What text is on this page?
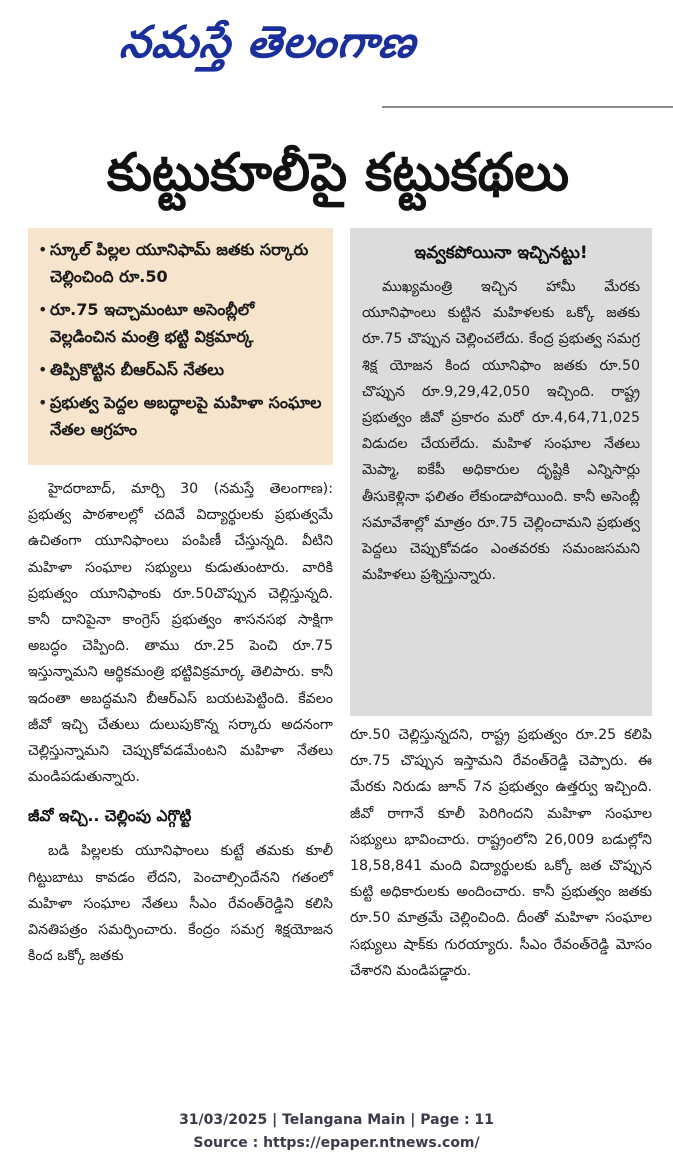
నమస్తే తెలంగాణ
కుట్టుకూలీపై కట్టుకథలు
• స్కూల్ పిల్లల యూనిఫామ్ జతకు సర్కారు చెల్లించింది రూ.50
• రూ.75 ఇచ్చామంటూ అసెంబ్లీలో వెల్లడించిన మంత్రి భట్టి విక్రమార్క
• తిప్పికొట్టిన బీఆర్ఎస్ నేతలు
• ప్రభుత్వ పెద్దల అబద్ధాలపై మహిళా సంఘాల నేతల ఆగ్రహం
ఇవ్వకపోయినా ఇచ్చినట్టు!
ముఖ్యమంత్రి ఇచ్చిన హామీ మేరకు యూనిఫాంలు కుట్టిన మహిళలకు ఒక్కో జతకు రూ.75 చొప్పున చెల్లించలేదు. కేంద్ర ప్రభుత్వ సమగ్ర శిక్ష యోజన కింద యూనిఫాం జతకు రూ.50 చొప్పున రూ.9,29,42,050 ఇచ్చింది. రాష్ట్ర ప్రభుత్వం జీవో ప్రకారం మరో రూ.4,64,71,025 విడుదల చేయలేదు. మహిళ సంఘాల నేతలు మెప్మా, ఐకేపీ అధికారుల దృష్టికి ఎన్నిసార్లు తీసుకెళ్లినా ఫలితం లేకుండాపోయింది. కానీ అసెంబ్లీ సమావేశాల్లో మాత్రం రూ.75 చెల్లించామని ప్రభుత్వ పెద్దలు చెప్పుకోవడం ఎంతవరకు సమంజసమని మహిళలు ప్రశ్నిస్తున్నారు.

హైదరాబాద్, మార్చి 30 (నమస్తే తెలంగాణ): ప్రభుత్వ పాఠశాలల్లో చదివే విద్యార్థులకు ప్రభుత్వమే ఉచితంగా యూనిఫాంలు పంపిణీ చేస్తున్నది. వీటిని మహిళా సంఘాల సభ్యులు కుడుతుంటారు. వారికి ప్రభుత్వం యూనిఫాంకు రూ.50చొప్పున చెల్లిస్తున్నది. కానీ దానిపైనా కాంగ్రెస్ ప్రభుత్వం శాసనసభ సాక్షిగా అబద్ధం చెప్పింది. తాము రూ.25 పెంచి రూ.75 ఇస్తున్నామని ఆర్థికమంత్రి భట్టివిక్రమార్క తెలిపారు. కానీ ఇదంతా అబద్ధమని బీఆర్ఎస్ బయటపెట్టింది. కేవలం జీవో ఇచ్చి చేతులు దులుపుకొన్న సర్కారు అదనంగా చెల్లిస్తున్నామని చెప్పుకోవడమేంటని మహిళా నేతలు మండిపడుతున్నారు.

జీవో ఇచ్చి.. చెల్లింపు ఎగ్గొట్టి

బడి పిల్లలకు యూనిఫాంలు కుట్టే తమకు కూలీ గిట్టుబాటు కావడం లేదని, పెంచాల్సిందేనని గతంలో మహిళా సంఘాల నేతలు సీఎం రేవంత్‌రెడ్డిని కలిసి వినతిపత్రం సమర్పించారు. కేంద్రం సమగ్ర శిక్షయోజన కింద ఒక్కో జతకు

రూ.50 చెల్లిస్తున్నదని, రాష్ట్ర ప్రభుత్వం రూ.25 కలిపి రూ.75 చొప్పున ఇస్తామని రేవంత్‌రెడ్డి చెప్పారు. ఈ మేరకు నిరుడు జూన్ 7న ప్రభుత్వం ఉత్తర్వు ఇచ్చింది. జీవో రాగానే కూలీ పెరిగిందని మహిళా సంఘాల సభ్యులు భావించారు. రాష్ట్రంలోని 26,009 బడుల్లోని 18,58,841 మంది విద్యార్థులకు ఒక్కో జత చొప్పున కుట్టి అధికారులకు అందించారు. కానీ ప్రభుత్వం జతకు రూ.50 మాత్రమే చెల్లించింది. దీంతో మహిళా సంఘాల సభ్యులు షాక్‌కు గురయ్యారు. సీఎం రేవంత్‌రెడ్డి మోసం చేశారని మండిపడ్డారు.

31/03/2025 | Telangana Main | Page : 11
Source : https://epaper.ntnews.com/
